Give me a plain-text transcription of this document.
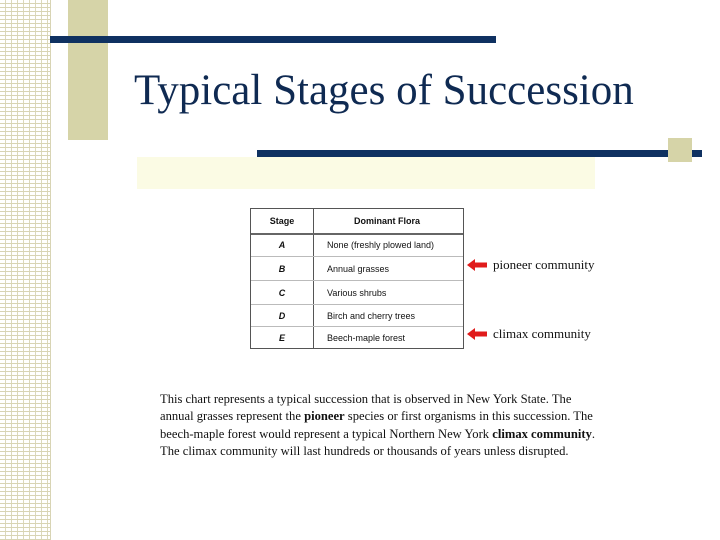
Typical Stages of Succession
Stage	Dominant Flora
A	None (freshly plowed land)
B	Annual grasses
C	Various shrubs
D	Birch and cherry trees
E	Beech-maple forest
pioneer community
climax community
This chart represents a typical succession that is observed in New York State. The annual grasses represent the pioneer species or first organisms in this succession. The beech-maple forest would represent a typical Northern New York climax community. The climax community will last hundreds or thousands of years unless disrupted.
